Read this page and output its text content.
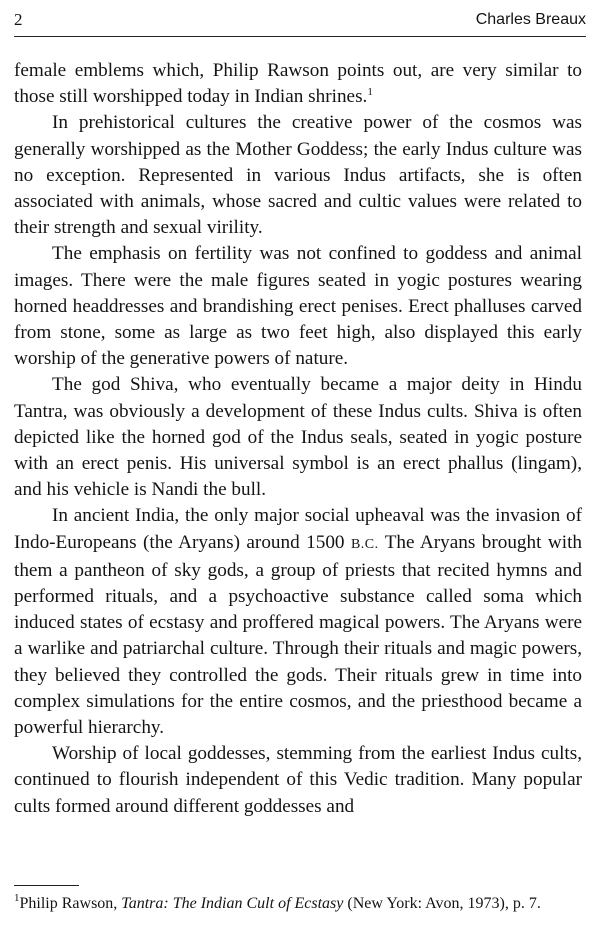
2	Charles Breaux

female emblems which, Philip Rawson points out, are very similar to those still worshipped today in Indian shrines.$^1$

In prehistorical cultures the creative power of the cosmos was generally worshipped as the Mother Goddess; the early Indus culture was no exception. Represented in various Indus artifacts, she is often associated with animals, whose sacred and cultic values were related to their strength and sexual virility.

The emphasis on fertility was not confined to goddess and animal images. There were the male figures seated in yogic postures wearing horned headdresses and brandishing erect penises. Erect phalluses carved from stone, some as large as two feet high, also displayed this early worship of the generative powers of nature.

The god Shiva, who eventually became a major deity in Hindu Tantra, was obviously a development of these Indus cults. Shiva is often depicted like the horned god of the Indus seals, seated in yogic posture with an erect penis. His universal symbol is an erect phallus (lingam), and his vehicle is Nandi the bull.

In ancient India, the only major social upheaval was the invasion of Indo-Europeans (the Aryans) around 1500 B.C. The Aryans brought with them a pantheon of sky gods, a group of priests that recited hymns and performed rituals, and a psychoactive substance called soma which induced states of ecstasy and proffered magical powers. The Aryans were a warlike and patriarchal culture. Through their rituals and magic powers, they believed they controlled the gods. Their rituals grew in time into complex simulations for the entire cosmos, and the priesthood became a powerful hierarchy.

Worship of local goddesses, stemming from the earliest Indus cults, continued to flourish independent of this Vedic tradition. Many popular cults formed around different goddesses and

$^1$Philip Rawson, Tantra: The Indian Cult of Ecstasy (New York: Avon, 1973), p. 7.
